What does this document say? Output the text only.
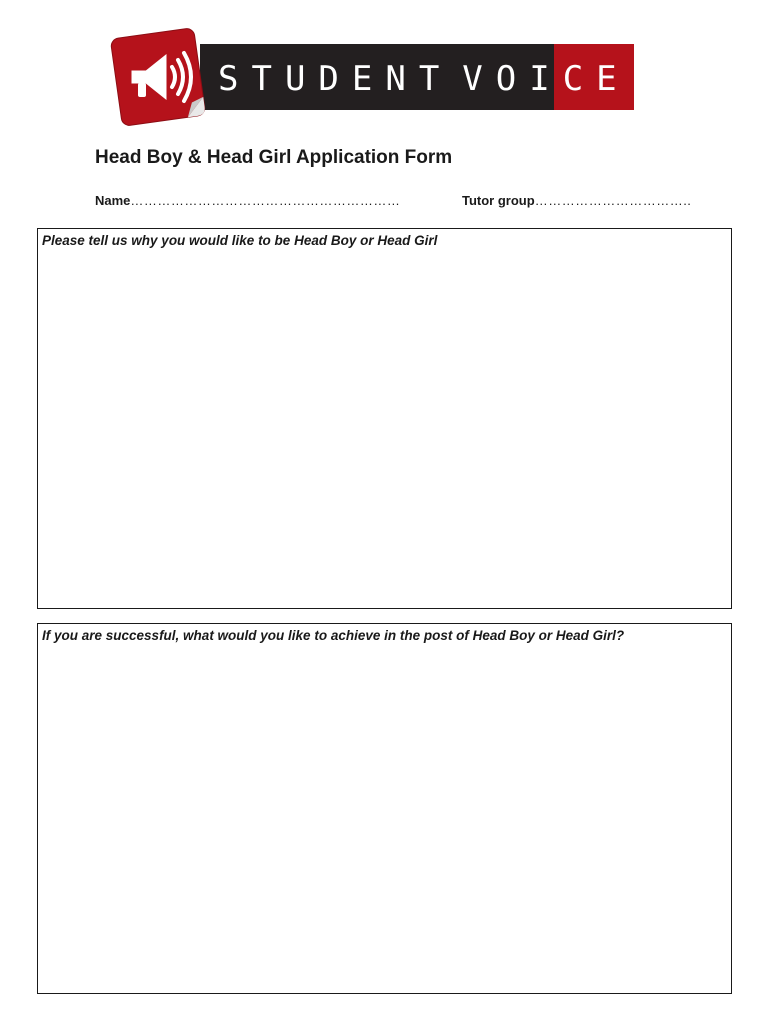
STUDENT VOICE
Head Boy & Head Girl Application Form
Name……………………………………………………	Tutor group……………………………..
Please tell us why you would like to be Head Boy or Head Girl
If you are successful, what would you like to achieve in the post of Head Boy or Head Girl?
